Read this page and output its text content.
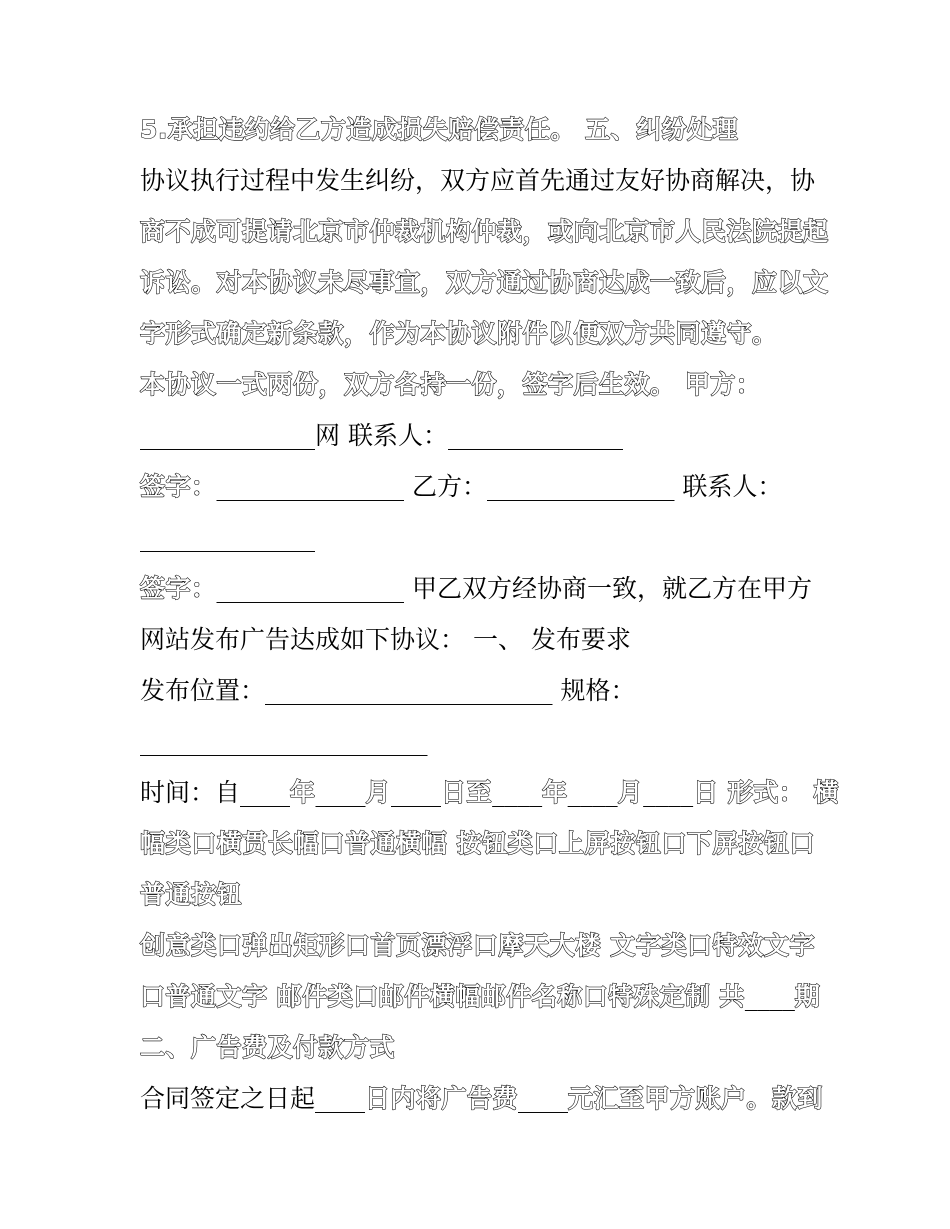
5.承担违约给乙方造成损失赔偿责任。 五、纠纷处理
协议执行过程中发生纠纷，双方应首先通过友好协商解决，协
商不成可提请北京市仲裁机构仲裁，或向北京市人民法院提起
诉讼。对本协议未尽事宜，双方通过协商达成一致后，应以文
字形式确定新条款，作为本协议附件以便双方共同遵守。
本协议一式两份，双方各持一份，签字后生效。 甲方：
______________网 联系人：______________
签字：_______________ 乙方：_______________ 联系人：
______________
签字：_______________ 甲乙双方经协商一致，就乙方在甲方
网站发布广告达成如下协议： 一、 发布要求
发布位置：_______________________ 规格：
_______________________
时间：自____年____月____日至____年____月____日 形式： 横
幅类口横贯长幅口普通横幅 按钮类口上屏按钮口下屏按钮口
普通按钮
创意类口弹出矩形口首页漂浮口摩天大楼 文字类口特效文字
口普通文字 邮件类口邮件横幅邮件名称口特殊定制 共____期
二、广告费及付款方式
合同签定之日起____日内将广告费____元汇至甲方账户。款到
